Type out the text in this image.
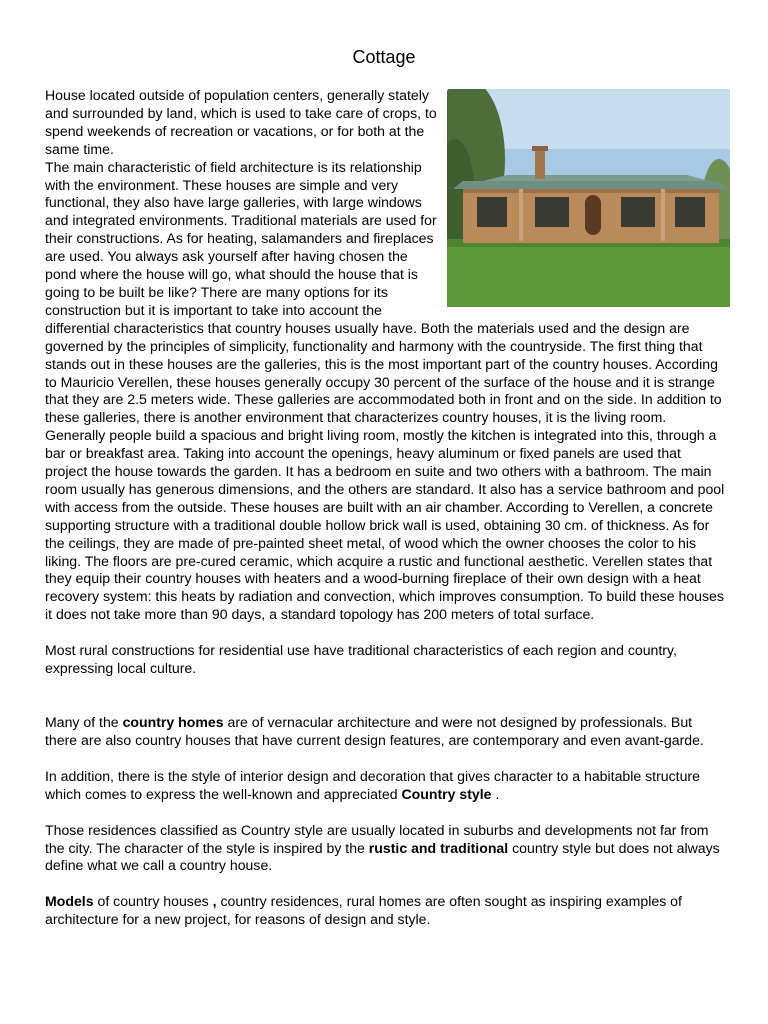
Cottage

House located outside of population centers, generally stately and surrounded by land, which is used to take care of crops, to spend weekends of recreation or vacations, or for both at the same time.

The main characteristic of field architecture is its relationship with the environment. These houses are simple and very functional, they also have large galleries, with large windows and integrated environments. Traditional materials are used for their constructions. As for heating, salamanders and fireplaces are used. You always ask yourself after having chosen the pond where the house will go, what should the house that is going to be built be like? There are many options for its construction but it is important to take into account the differential characteristics that country houses usually have. Both the materials used and the design are governed by the principles of simplicity, functionality and harmony with the countryside. The first thing that stands out in these houses are the galleries, this is the most important part of the country houses. According to Mauricio Verellen, these houses generally occupy 30 percent of the surface of the house and it is strange that they are 2.5 meters wide. These galleries are accommodated both in front and on the side. In addition to these galleries, there is another environment that characterizes country houses, it is the living room. Generally people build a spacious and bright living room, mostly the kitchen is integrated into this, through a bar or breakfast area. Taking into account the openings, heavy aluminum or fixed panels are used that project the house towards the garden. It has a bedroom en suite and two others with a bathroom. The main room usually has generous dimensions, and the others are standard. It also has a service bathroom and pool with access from the outside. These houses are built with an air chamber. According to Verellen, a concrete supporting structure with a traditional double hollow brick wall is used, obtaining 30 cm. of thickness. As for the ceilings, they are made of pre-painted sheet metal, of wood which the owner chooses the color to his liking. The floors are pre-cured ceramic, which acquire a rustic and functional aesthetic. Verellen states that they equip their country houses with heaters and a wood-burning fireplace of their own design with a heat recovery system: this heats by radiation and convection, which improves consumption. To build these houses it does not take more than 90 days, a standard topology has 200 meters of total surface.

Most rural constructions for residential use have traditional characteristics of each region and country, expressing local culture.

Many of the country homes are of vernacular architecture and were not designed by professionals. But there are also country houses that have current design features, are contemporary and even avant-garde.

In addition, there is the style of interior design and decoration that gives character to a habitable structure which comes to express the well-known and appreciated Country style .

Those residences classified as Country style are usually located in suburbs and developments not far from the city. The character of the style is inspired by the rustic and traditional country style but does not always define what we call a country house.

Models of country houses , country residences, rural homes are often sought as inspiring examples of architecture for a new project, for reasons of design and style.
